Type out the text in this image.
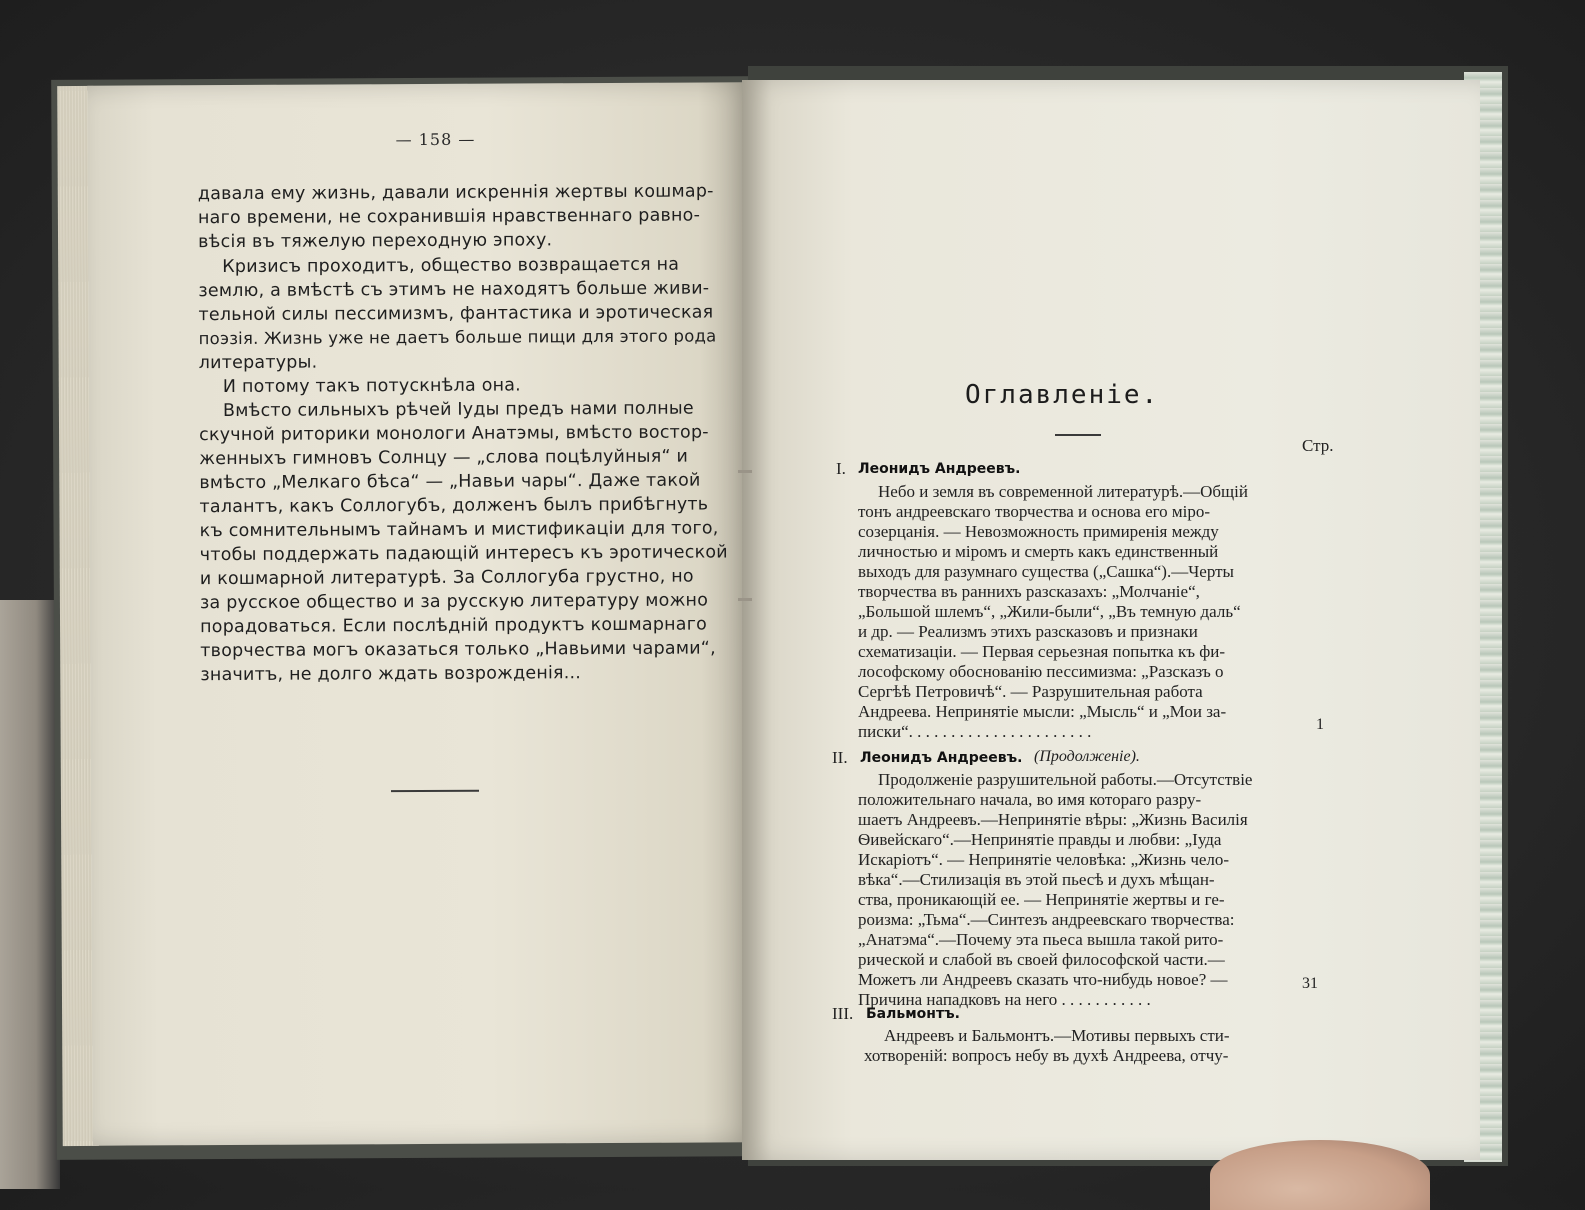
— 158 —
давала ему жизнь, давали искреннія жертвы кошмар-
наго времени, не сохранившія нравственнаго равно-
вѣсія въ тяжелую переходную эпоху.
Кризисъ проходитъ, общество возвращается на
землю, а вмѣстѣ съ этимъ не находятъ больше живи-
тельной силы пессимизмъ, фантастика и эротическая
поэзія. Жизнь уже не даетъ больше пищи для этого рода
литературы.
И потому такъ потускнѣла она.
Вмѣсто сильныхъ рѣчей Іуды предъ нами полные
скучной риторики монологи Анатэмы, вмѣсто востор-
женныхъ гимновъ Солнцу — „слова поцѣлуйныя“ и
вмѣсто „Мелкаго бѣса“ — „Навьи чары“. Даже такой
талантъ, какъ Соллогубъ, долженъ былъ прибѣгнуть
къ сомнительнымъ тайнамъ и мистификаціи для того,
чтобы поддержать падающій интересъ къ эротической
и кошмарной литературѣ. За Соллогуба грустно, но
за русское общество и за русскую литературу можно
порадоваться. Если послѣдній продуктъ кошмарнаго
творчества могъ оказаться только „Навьими чарами“,
значитъ, не долго ждать возрожденія...
Оглавленіе.
Стр.
I. Леонидъ Андреевъ.
Небо и земля въ современной литературѣ.—Общій
тонъ андреевскаго творчества и основа его міро-
созерцанія. — Невозможность примиренія между
личностью и міромъ и смерть какъ единственный
выходъ для разумнаго существа („Сашка“).—Черты
творчества въ раннихъ разсказахъ: „Молчаніе“,
„Большой шлемъ“, „Жили-были“, „Въ темную даль“
и др. — Реализмъ этихъ разсказовъ и признаки
схематизаціи. — Первая серьезная попытка къ фи-
лософскому обоснованію пессимизма: „Разсказъ о
Сергѣѣ Петровичѣ“. — Разрушительная работа
Андреева. Непринятіе мысли: „Мысль“ и „Мои за-
писки“. . . . . . . . . . . . . . . . . . . . . .	1
II. Леонидъ Андреевъ. (Продолженіе).
Продолженіе разрушительной работы.—Отсутствіе
положительнаго начала, во имя котораго разру-
шаетъ Андреевъ.—Непринятіе вѣры: „Жизнь Василія
Ѳивейскаго“.—Непринятіе правды и любви: „Іуда
Искаріотъ“. — Непринятіе человѣка: „Жизнь чело-
вѣка“.—Стилизація въ этой пьесѣ и духъ мѣщан-
ства, проникающій ее. — Непринятіе жертвы и ге-
роизма: „Тьма“.—Синтезъ андреевскаго творчества:
„Анатэма“.—Почему эта пьеса вышла такой рито-
рической и слабой въ своей философской части.—
Можетъ ли Андреевъ сказать что-нибудь новое? —
Причина нападковъ на него . . . . . . . . . . .
31
III. Бальмонтъ.
Андреевъ и Бальмонтъ.—Мотивы первыхъ сти-
хотвореній: вопросъ небу въ духѣ Андреева, отчу-
